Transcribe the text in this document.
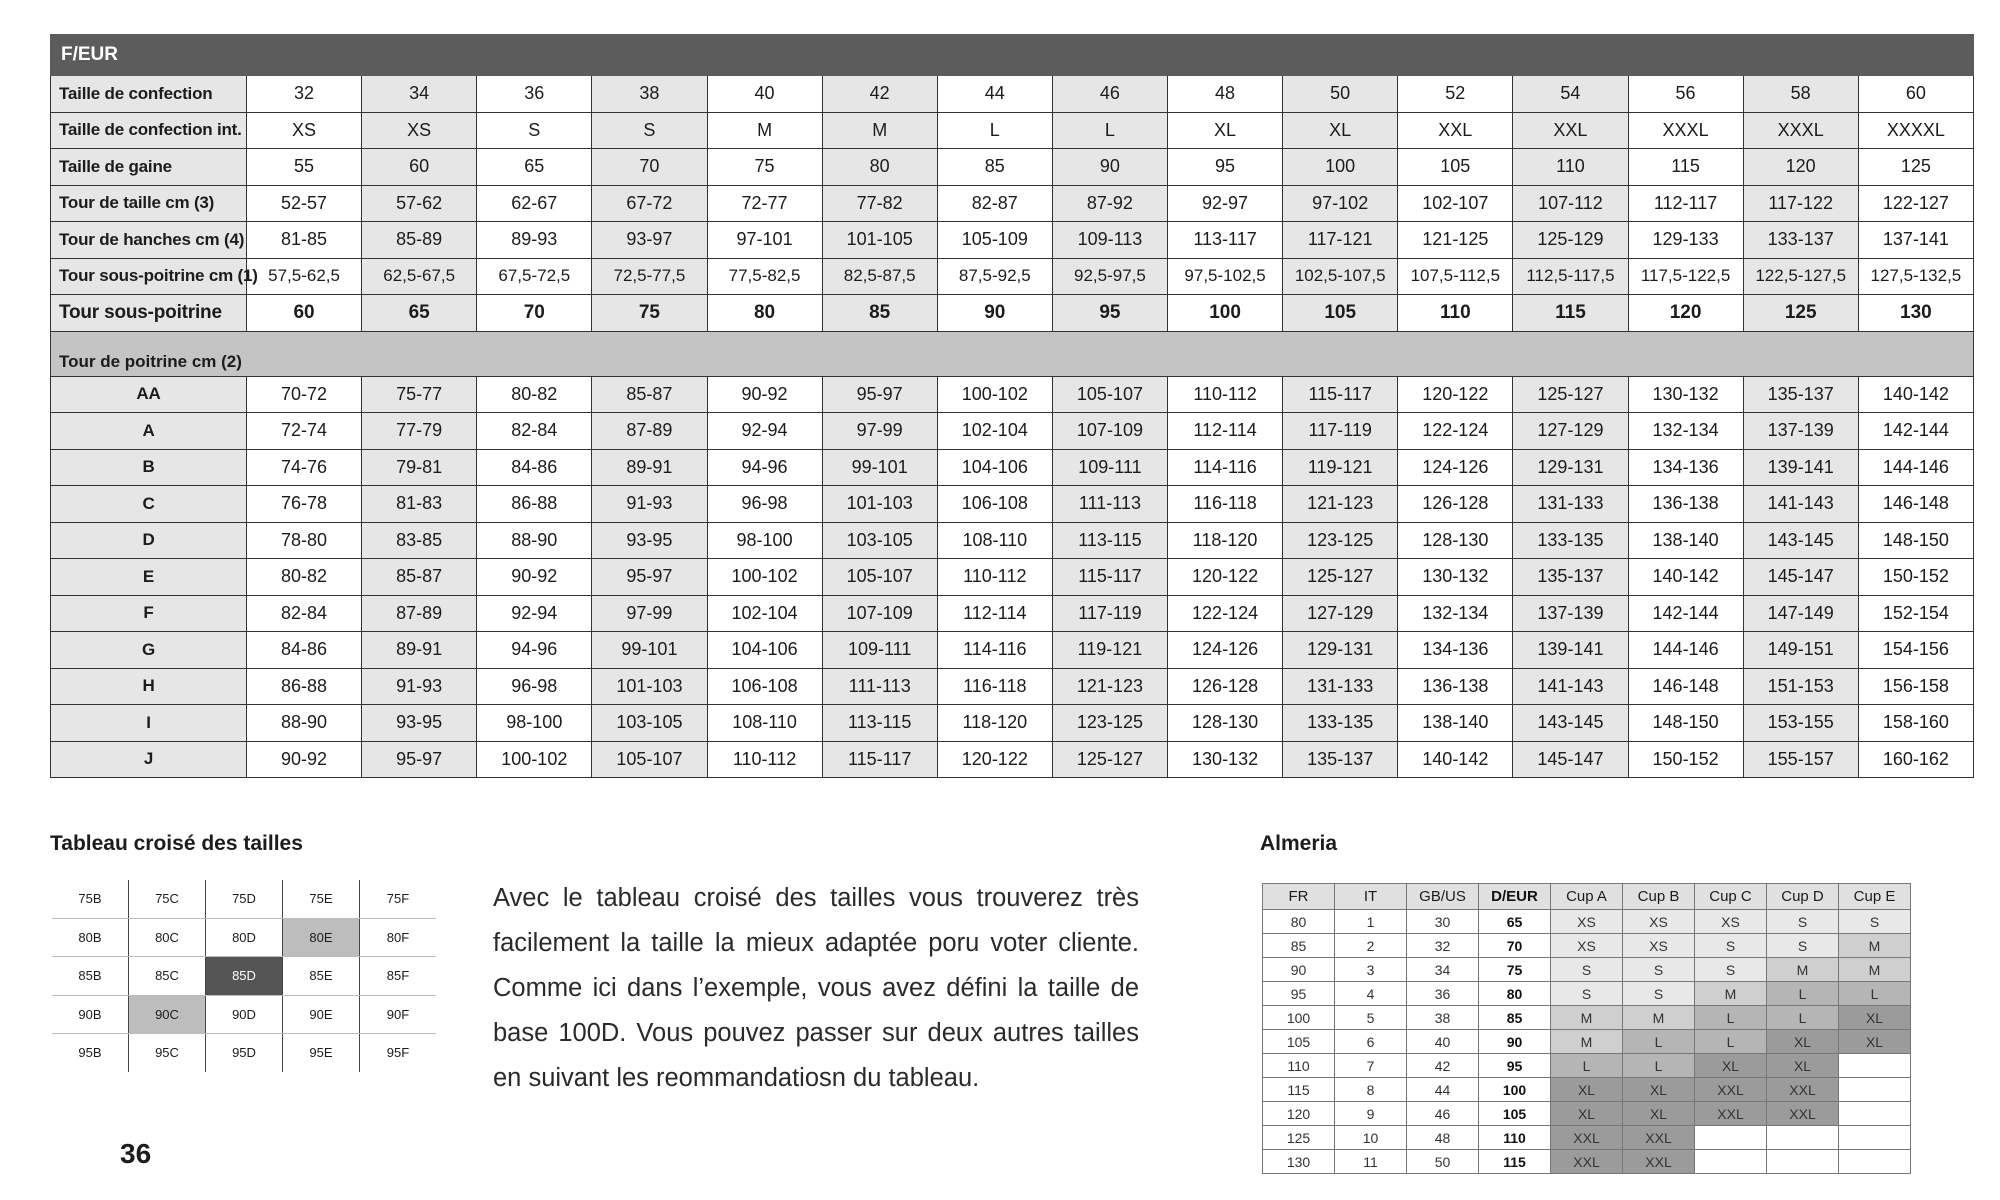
F/EUR															
Taille de confection	32	34	36	38	40	42	44	46	48	50	52	54	56	58	60
Taille de confection int.	XS	XS	S	S	M	M	L	L	XL	XL	XXL	XXL	XXXL	XXXL	XXXXL
Taille de gaine	55	60	65	70	75	80	85	90	95	100	105	110	115	120	125
Tour de taille cm (3)	52-57	57-62	62-67	67-72	72-77	77-82	82-87	87-92	92-97	97-102	102-107	107-112	112-117	117-122	122-127
Tour de hanches cm (4)	81-85	85-89	89-93	93-97	97-101	101-105	105-109	109-113	113-117	117-121	121-125	125-129	129-133	133-137	137-141
Tour sous-poitrine cm (1)	57,5-62,5	62,5-67,5	67,5-72,5	72,5-77,5	77,5-82,5	82,5-87,5	87,5-92,5	92,5-97,5	97,5-102,5	102,5-107,5	107,5-112,5	112,5-117,5	117,5-122,5	122,5-127,5	127,5-132,5
Tour sous-poitrine	60	65	70	75	80	85	90	95	100	105	110	115	120	125	130
Tour de poitrine cm (2)															
AA	70-72	75-77	80-82	85-87	90-92	95-97	100-102	105-107	110-112	115-117	120-122	125-127	130-132	135-137	140-142
A	72-74	77-79	82-84	87-89	92-94	97-99	102-104	107-109	112-114	117-119	122-124	127-129	132-134	137-139	142-144
B	74-76	79-81	84-86	89-91	94-96	99-101	104-106	109-111	114-116	119-121	124-126	129-131	134-136	139-141	144-146
C	76-78	81-83	86-88	91-93	96-98	101-103	106-108	111-113	116-118	121-123	126-128	131-133	136-138	141-143	146-148
D	78-80	83-85	88-90	93-95	98-100	103-105	108-110	113-115	118-120	123-125	128-130	133-135	138-140	143-145	148-150
E	80-82	85-87	90-92	95-97	100-102	105-107	110-112	115-117	120-122	125-127	130-132	135-137	140-142	145-147	150-152
F	82-84	87-89	92-94	97-99	102-104	107-109	112-114	117-119	122-124	127-129	132-134	137-139	142-144	147-149	152-154
G	84-86	89-91	94-96	99-101	104-106	109-111	114-116	119-121	124-126	129-131	134-136	139-141	144-146	149-151	154-156
H	86-88	91-93	96-98	101-103	106-108	111-113	116-118	121-123	126-128	131-133	136-138	141-143	146-148	151-153	156-158
I	88-90	93-95	98-100	103-105	108-110	113-115	118-120	123-125	128-130	133-135	138-140	143-145	148-150	153-155	158-160
J	90-92	95-97	100-102	105-107	110-112	115-117	120-122	125-127	130-132	135-137	140-142	145-147	150-152	155-157	160-162
Tableau croisé des tailles
75B	75C	75D	75E	75F
80B	80C	80D	80E	80F
85B	85C	85D	85E	85F
90B	90C	90D	90E	90F
95B	95C	95D	95E	95F

Avec le tableau croisé des tailles vous trouverez très facilement la taille la mieux adaptée poru voter cliente. Comme ici dans l’exemple, vous avez défini la taille de base 100D. Vous pouvez passer sur deux autres tailles en suivant les reommandatiosn du tableau.

36
Almeria
FR	IT	GB/US	D/EUR	Cup A	Cup B	Cup C	Cup D	Cup E
80	1	30	65	XS	XS	XS	S	S
85	2	32	70	XS	XS	S	S	M
90	3	34	75	S	S	S	M	M
95	4	36	80	S	S	M	L	L
100	5	38	85	M	M	L	L	XL
105	6	40	90	M	L	L	XL	XL
110	7	42	95	L	L	XL	XL	
115	8	44	100	XL	XL	XXL	XXL	
120	9	46	105	XL	XL	XXL	XXL	
125	10	48	110	XXL	XXL			
130	11	50	115	XXL	XXL			
